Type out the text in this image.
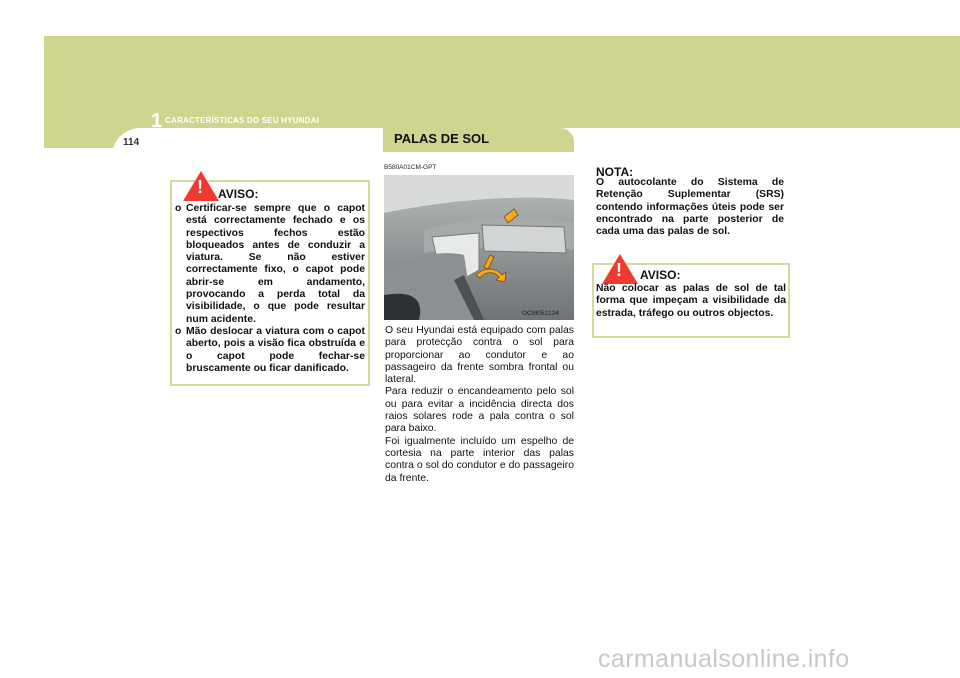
1 CARACTERÍSTICAS DO SEU HYUNDAI
114	PALAS DE SOL
! AVISO:
o Certificar-se sempre que o capot está correctamente fechado e os respectivos fechos estão bloqueados antes de conduzir a viatura. Se não estiver correctamente fixo, o capot pode abrir-se em andamento, provocando a perda total da visibilidade, o que pode resultar num acidente.
o Mão deslocar a viatura com o capot aberto, pois a visão fica obstruída e o capot pode fechar-se bruscamente ou ficar danificado.
B580A01CM-GPT
OCM052124

O seu Hyundai está equipado com palas para protecção contra o sol para proporcionar ao condutor e ao passageiro da frente sombra frontal ou lateral.

Para reduzir o encandeamento pelo sol ou para evitar a incidência directa dos raios solares rode a pala contra o sol para baixo.

Foi igualmente incluído um espelho de cortesia na parte interior das palas contra o sol do condutor e do passageiro da frente.

NOTA:
O autocolante do Sistema de Retenção Suplementar (SRS) contendo informações úteis pode ser encontrado na parte posterior de cada uma das palas de sol.
! AVISO:
Não colocar as palas de sol de tal forma que impeçam a visibilidade da estrada, tráfego ou outros objectos.
carmanualsonline.info
